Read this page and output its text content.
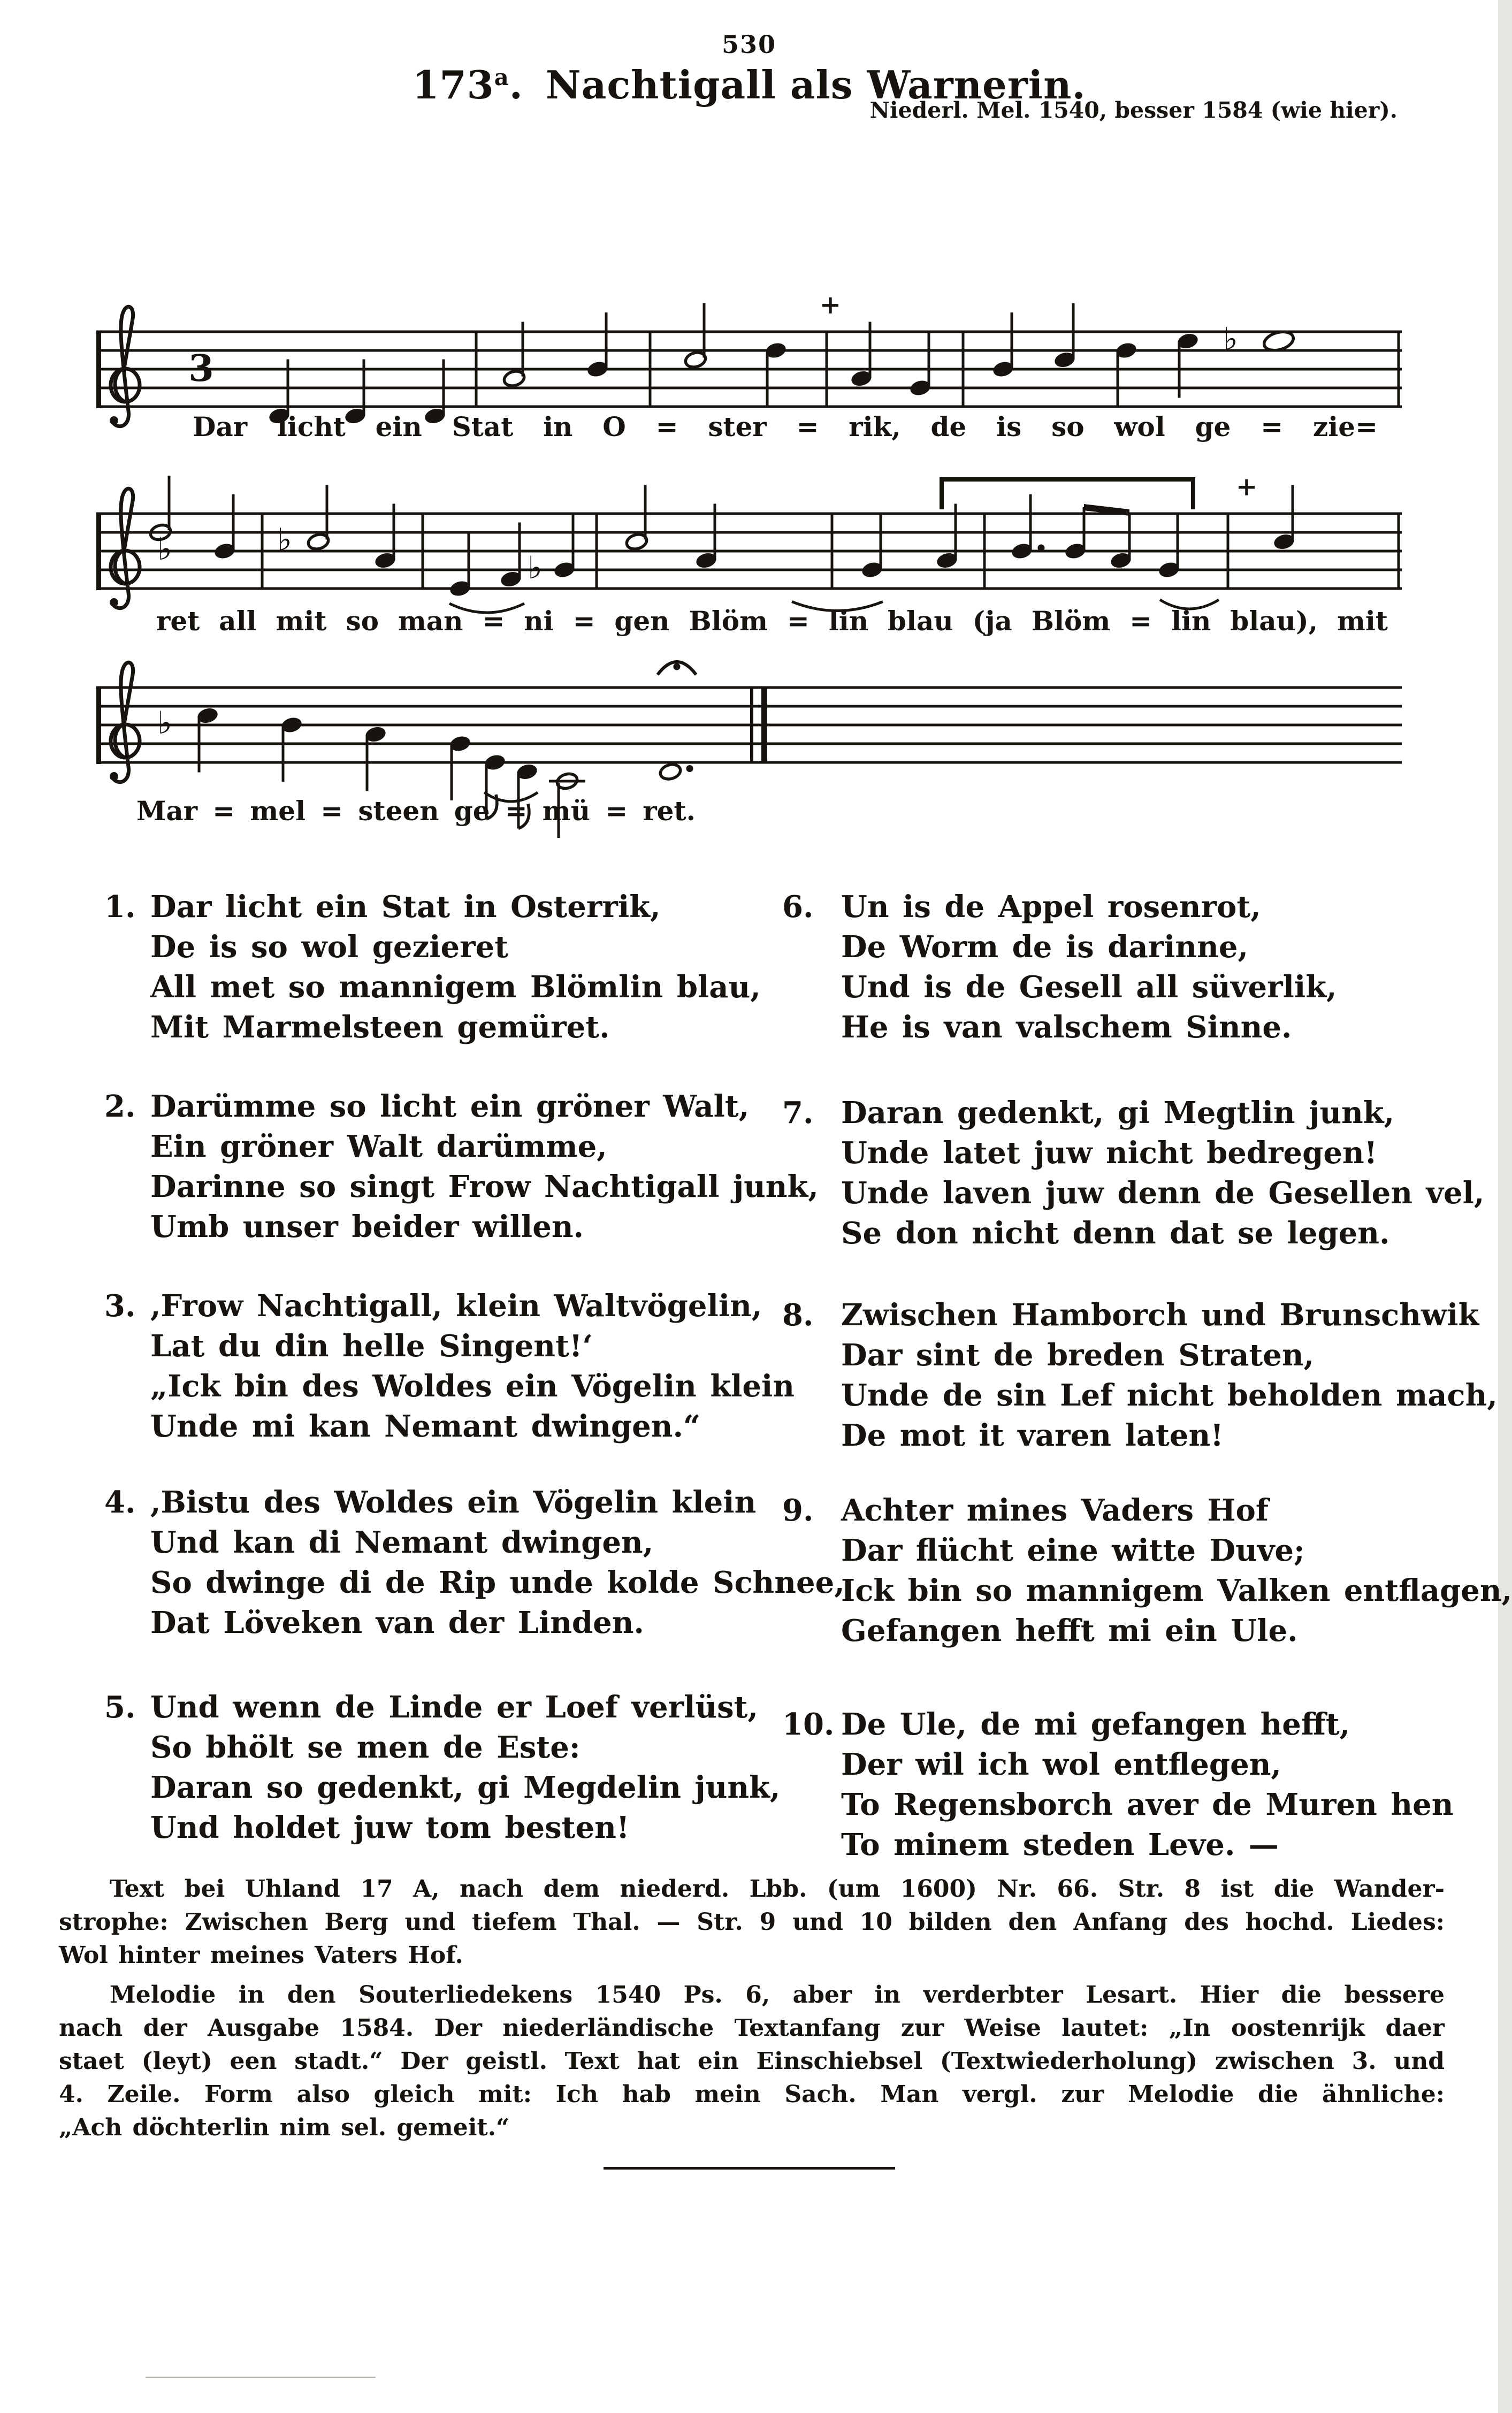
530
173$^a$. Nachtigall als Warnerin.
Niederl. Mel. 1540, besser 1584 (wie hier).
3
♭
+
♭	♭
♭
+
♭
Dar licht ein Stat in O = ster = rik, de is so wol ge = zie=
ret all mit so man = ni = gen Blöm = lin blau (ja Blöm = lin blau), mit
Mar = mel = steen ge = mü = ret.
1. Dar licht ein Stat in Osterrik,
De is so wol gezieret
All met so mannigem Blömlin blau,
Mit Marmelsteen gemüret.
2. Darümme so licht ein gröner Walt,
Ein gröner Walt darümme,
Darinne so singt Frow Nachtigall junk,
Umb unser beider willen.
3. ,Frow Nachtigall, klein Waltvögelin,
Lat du din helle Singent!‘
„Ick bin des Woldes ein Vögelin klein
Unde mi kan Nemant dwingen.“
4. ,Bistu des Woldes ein Vögelin klein
Und kan di Nemant dwingen,
So dwinge di de Rip unde kolde Schnee,
Dat Löveken van der Linden.
5. Und wenn de Linde er Loef verlüst,
So bhölt se men de Este:
Daran so gedenkt, gi Megdelin junk,
Und holdet juw tom besten!
6. Un is de Appel rosenrot,
De Worm de is darinne,
Und is de Gesell all süverlik,
He is van valschem Sinne.
7. Daran gedenkt, gi Megtlin junk,
Unde latet juw nicht bedregen!
Unde laven juw denn de Gesellen vel,
Se don nicht denn dat se legen.
8. Zwischen Hamborch und Brunschwik
Dar sint de breden Straten,
Unde de sin Lef nicht beholden mach,
De mot it varen laten!
9. Achter mines Vaders Hof
Dar flücht eine witte Duve;
Ick bin so mannigem Valken entflagen,
Gefangen hefft mi ein Ule.
10. De Ule, de mi gefangen hefft,
Der wil ich wol entflegen,
To Regensborch aver de Muren hen
To minem steden Leve. —
Text bei Uhland 17 A, nach dem niederd. Lbb. (um 1600) Nr. 66. Str. 8 ist die Wander-
strophe: Zwischen Berg und tiefem Thal. — Str. 9 und 10 bilden den Anfang des hochd. Liedes:
Wol hinter meines Vaters Hof.
Melodie in den Souterliedekens 1540 Ps. 6, aber in verderbter Lesart. Hier die bessere
nach der Ausgabe 1584. Der niederländische Textanfang zur Weise lautet: „In oostenrijk daer
staet (leyt) een stadt.“ Der geistl. Text hat ein Einschiebsel (Textwiederholung) zwischen 3. und
4. Zeile. Form also gleich mit: Ich hab mein Sach. Man vergl. zur Melodie die ähnliche:
„Ach döchterlin nim sel. gemeit.“
